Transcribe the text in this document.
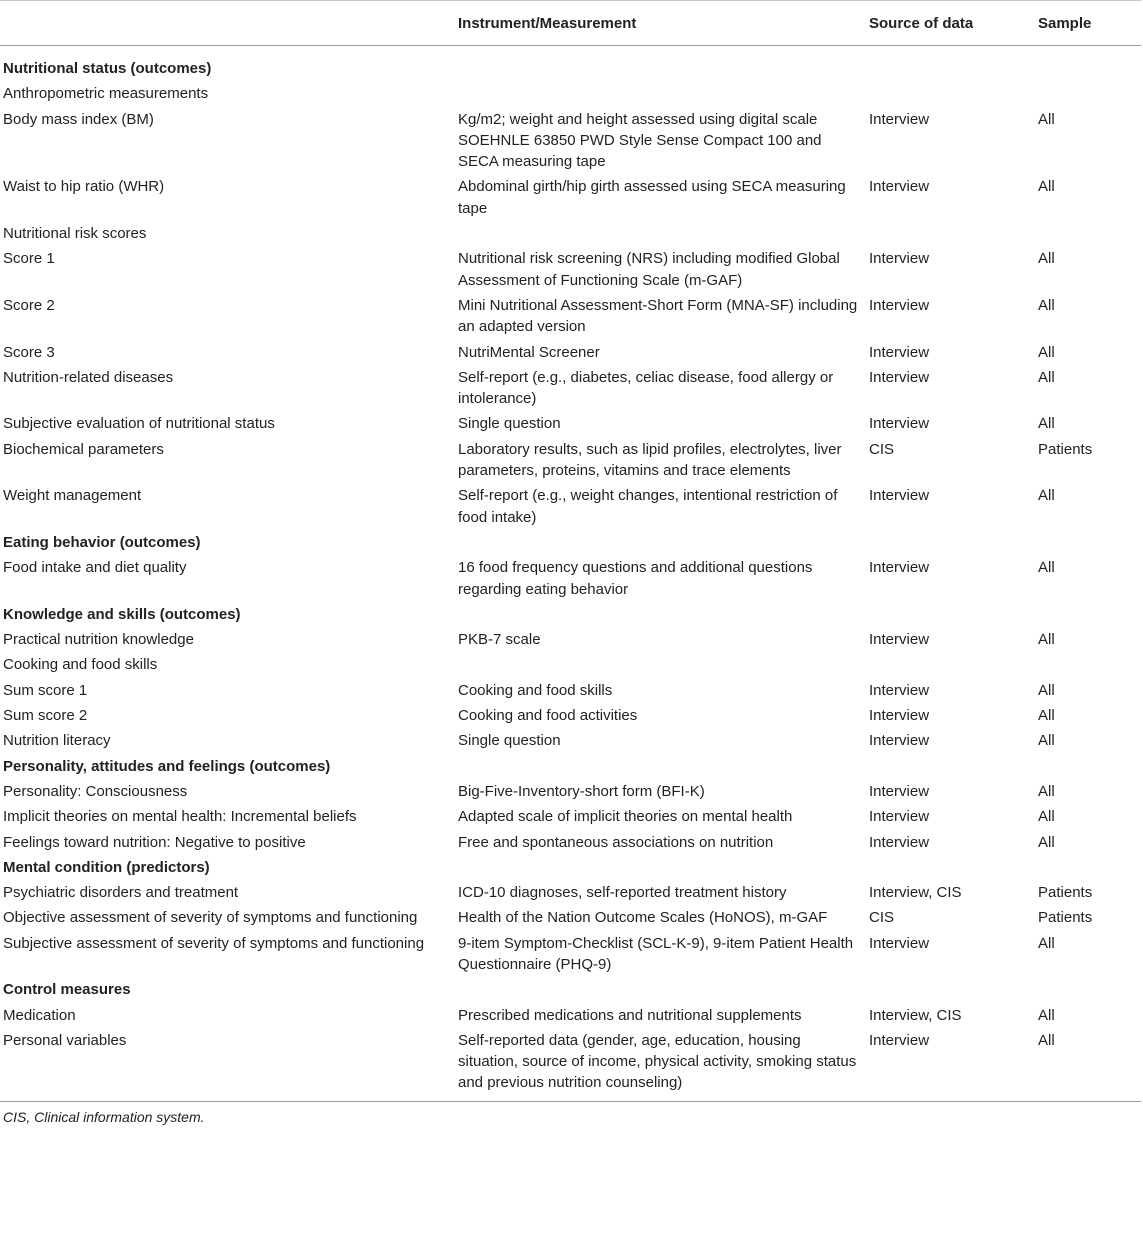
	Instrument/Measurement	Source of data	Sample
Nutritional status (outcomes)			
Anthropometric measurements			
Body mass index (BM)	Kg/m2; weight and height assessed using digital scale SOEHNLE 63850 PWD Style Sense Compact 100 and SECA measuring tape	Interview	All
Waist to hip ratio (WHR)	Abdominal girth/hip girth assessed using SECA measuring tape	Interview	All
Nutritional risk scores			
Score 1	Nutritional risk screening (NRS) including modified Global Assessment of Functioning Scale (m-GAF)	Interview	All
Score 2	Mini Nutritional Assessment-Short Form (MNA-SF) including an adapted version	Interview	All
Score 3	NutriMental Screener	Interview	All
Nutrition-related diseases	Self-report (e.g., diabetes, celiac disease, food allergy or intolerance)	Interview	All
Subjective evaluation of nutritional status	Single question	Interview	All
Biochemical parameters	Laboratory results, such as lipid profiles, electrolytes, liver parameters, proteins, vitamins and trace elements	CIS	Patients
Weight management	Self-report (e.g., weight changes, intentional restriction of food intake)	Interview	All
Eating behavior (outcomes)			
Food intake and diet quality	16 food frequency questions and additional questions regarding eating behavior	Interview	All
Knowledge and skills (outcomes)			
Practical nutrition knowledge	PKB-7 scale	Interview	All
Cooking and food skills			
Sum score 1	Cooking and food skills	Interview	All
Sum score 2	Cooking and food activities	Interview	All
Nutrition literacy	Single question	Interview	All
Personality, attitudes and feelings (outcomes)			
Personality: Consciousness	Big-Five-Inventory-short form (BFI-K)	Interview	All
Implicit theories on mental health: Incremental beliefs	Adapted scale of implicit theories on mental health	Interview	All
Feelings toward nutrition: Negative to positive	Free and spontaneous associations on nutrition	Interview	All
Mental condition (predictors)			
Psychiatric disorders and treatment	ICD-10 diagnoses, self-reported treatment history	Interview, CIS	Patients
Objective assessment of severity of symptoms and functioning	Health of the Nation Outcome Scales (HoNOS), m-GAF	CIS	Patients
Subjective assessment of severity of symptoms and functioning	9-item Symptom-Checklist (SCL-K-9), 9-item Patient Health Questionnaire (PHQ-9)	Interview	All
Control measures			
Medication	Prescribed medications and nutritional supplements	Interview, CIS	All
Personal variables	Self-reported data (gender, age, education, housing situation, source of income, physical activity, smoking status and previous nutrition counseling)	Interview	All
CIS, Clinical information system.
